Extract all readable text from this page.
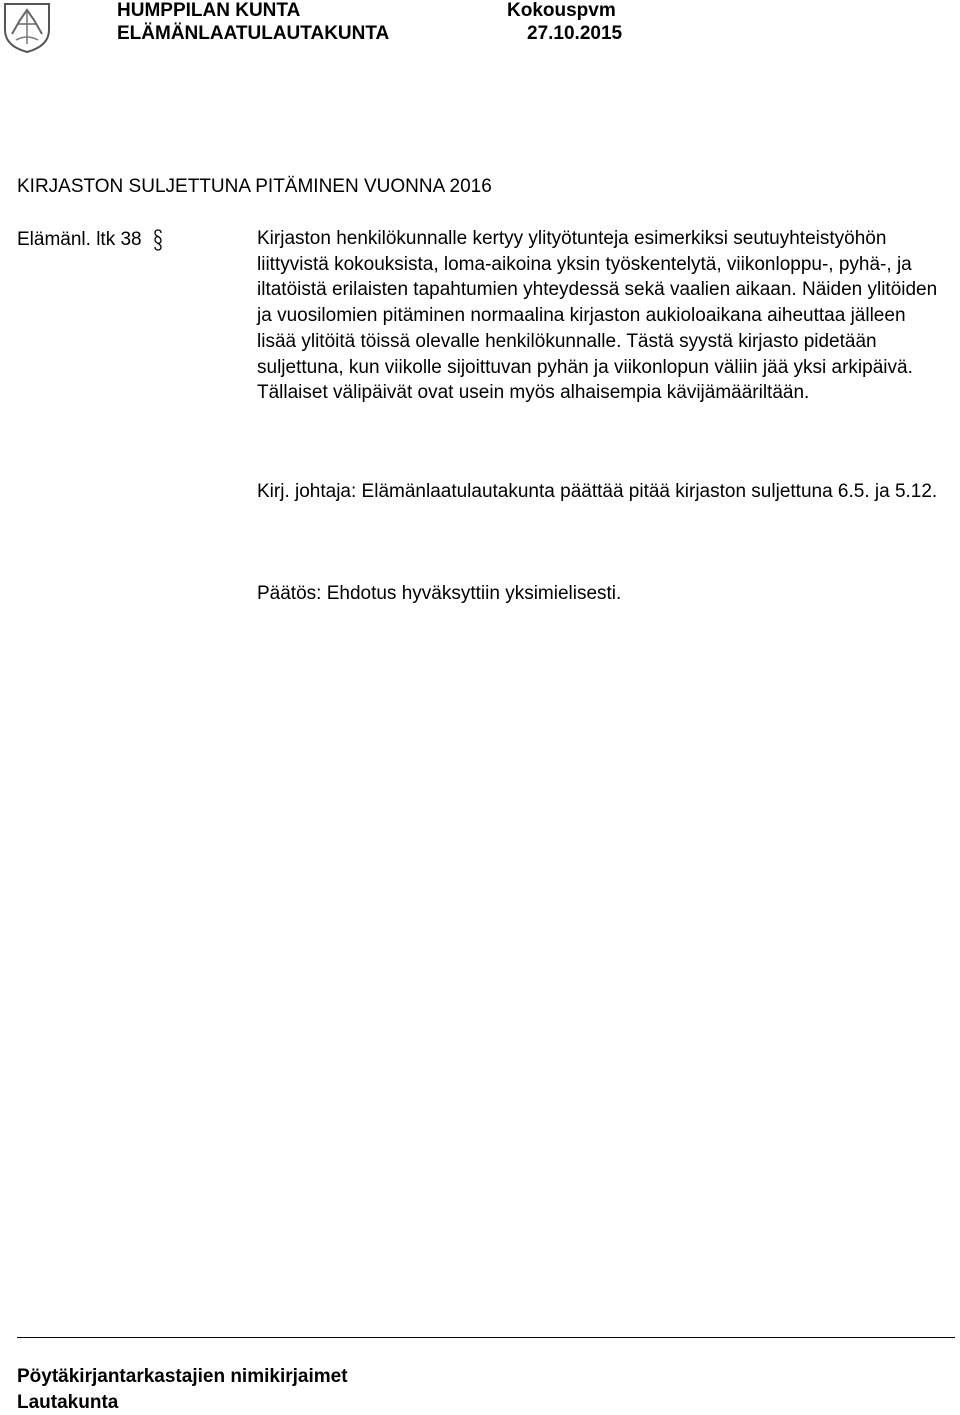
HUMPPILAN KUNTA
ELÄMÄNLAATULAUTAKUNTA
Kokouspvm
27.10.2015
KIRJASTON SULJETTUNA PITÄMINEN VUONNA 2016
Elämänl. ltk 38	Kirjaston henkilökunnalle kertyy ylityötunteja esimerkiksi seutuyhteistyöhön liittyvistä kokouksista, loma-aikoina yksin työskentelytä, viikonloppu-, pyhä-, ja iltatöistä erilaisten tapahtumien yhteydessä sekä vaalien aikaan. Näiden ylitöiden ja vuosilomien pitäminen normaalina kirjaston aukioloaikana aiheuttaa jälleen lisää ylitöitä töissä olevalle henkilökunnalle. Tästä syystä kirjasto pidetään suljettuna, kun viikolle sijoittuvan pyhän ja viikonlopun väliin jää yksi arkipäivä. Tällaiset välipäivät ovat usein myös alhaisempia kävijämääriltään.
Kirj. johtaja: Elämänlaatulautakunta päättää pitää kirjaston suljettuna 6.5. ja 5.12.
Päätös: Ehdotus hyväksyttiin yksimielisesti.
Pöytäkirjantarkastajien nimikirjaimet
Lautakunta
